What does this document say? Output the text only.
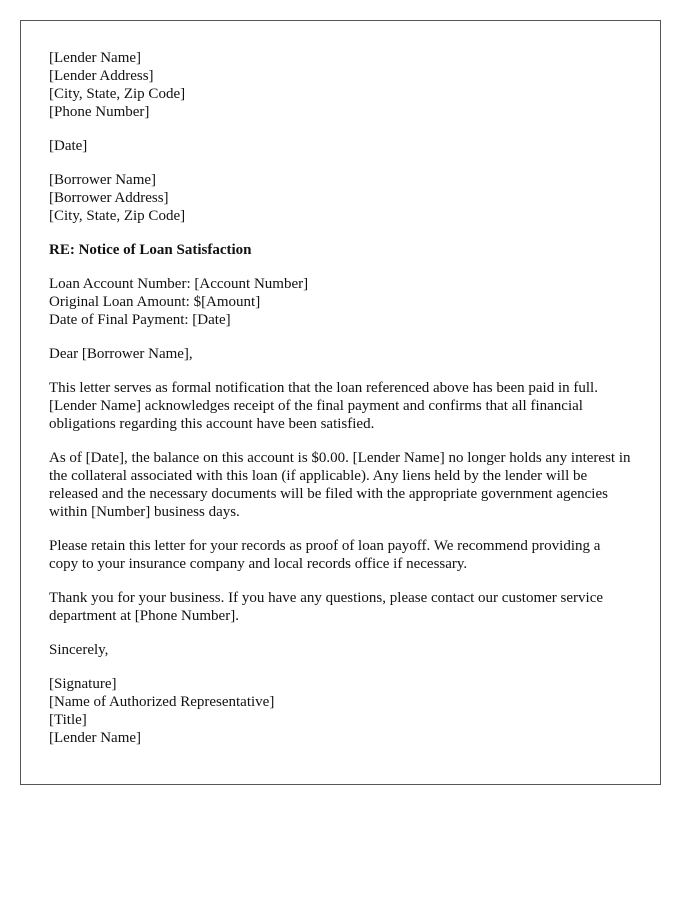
[Lender Name]
[Lender Address]
[City, State, Zip Code]
[Phone Number]
[Date]
[Borrower Name]
[Borrower Address]
[City, State, Zip Code]
RE: Notice of Loan Satisfaction
Loan Account Number: [Account Number]
Original Loan Amount: $[Amount]
Date of Final Payment: [Date]
Dear [Borrower Name],

This letter serves as formal notification that the loan referenced above has been paid in full. [Lender Name] acknowledges receipt of the final payment and confirms that all financial obligations regarding this account have been satisfied.

As of [Date], the balance on this account is $0.00. [Lender Name] no longer holds any interest in the collateral associated with this loan (if applicable). Any liens held by the lender will be released and the necessary documents will be filed with the appropriate government agencies within [Number] business days.

Please retain this letter for your records as proof of loan payoff. We recommend providing a copy to your insurance company and local records office if necessary.

Thank you for your business. If you have any questions, please contact our customer service department at [Phone Number].

Sincerely,
[Signature]
[Name of Authorized Representative]
[Title]
[Lender Name]
